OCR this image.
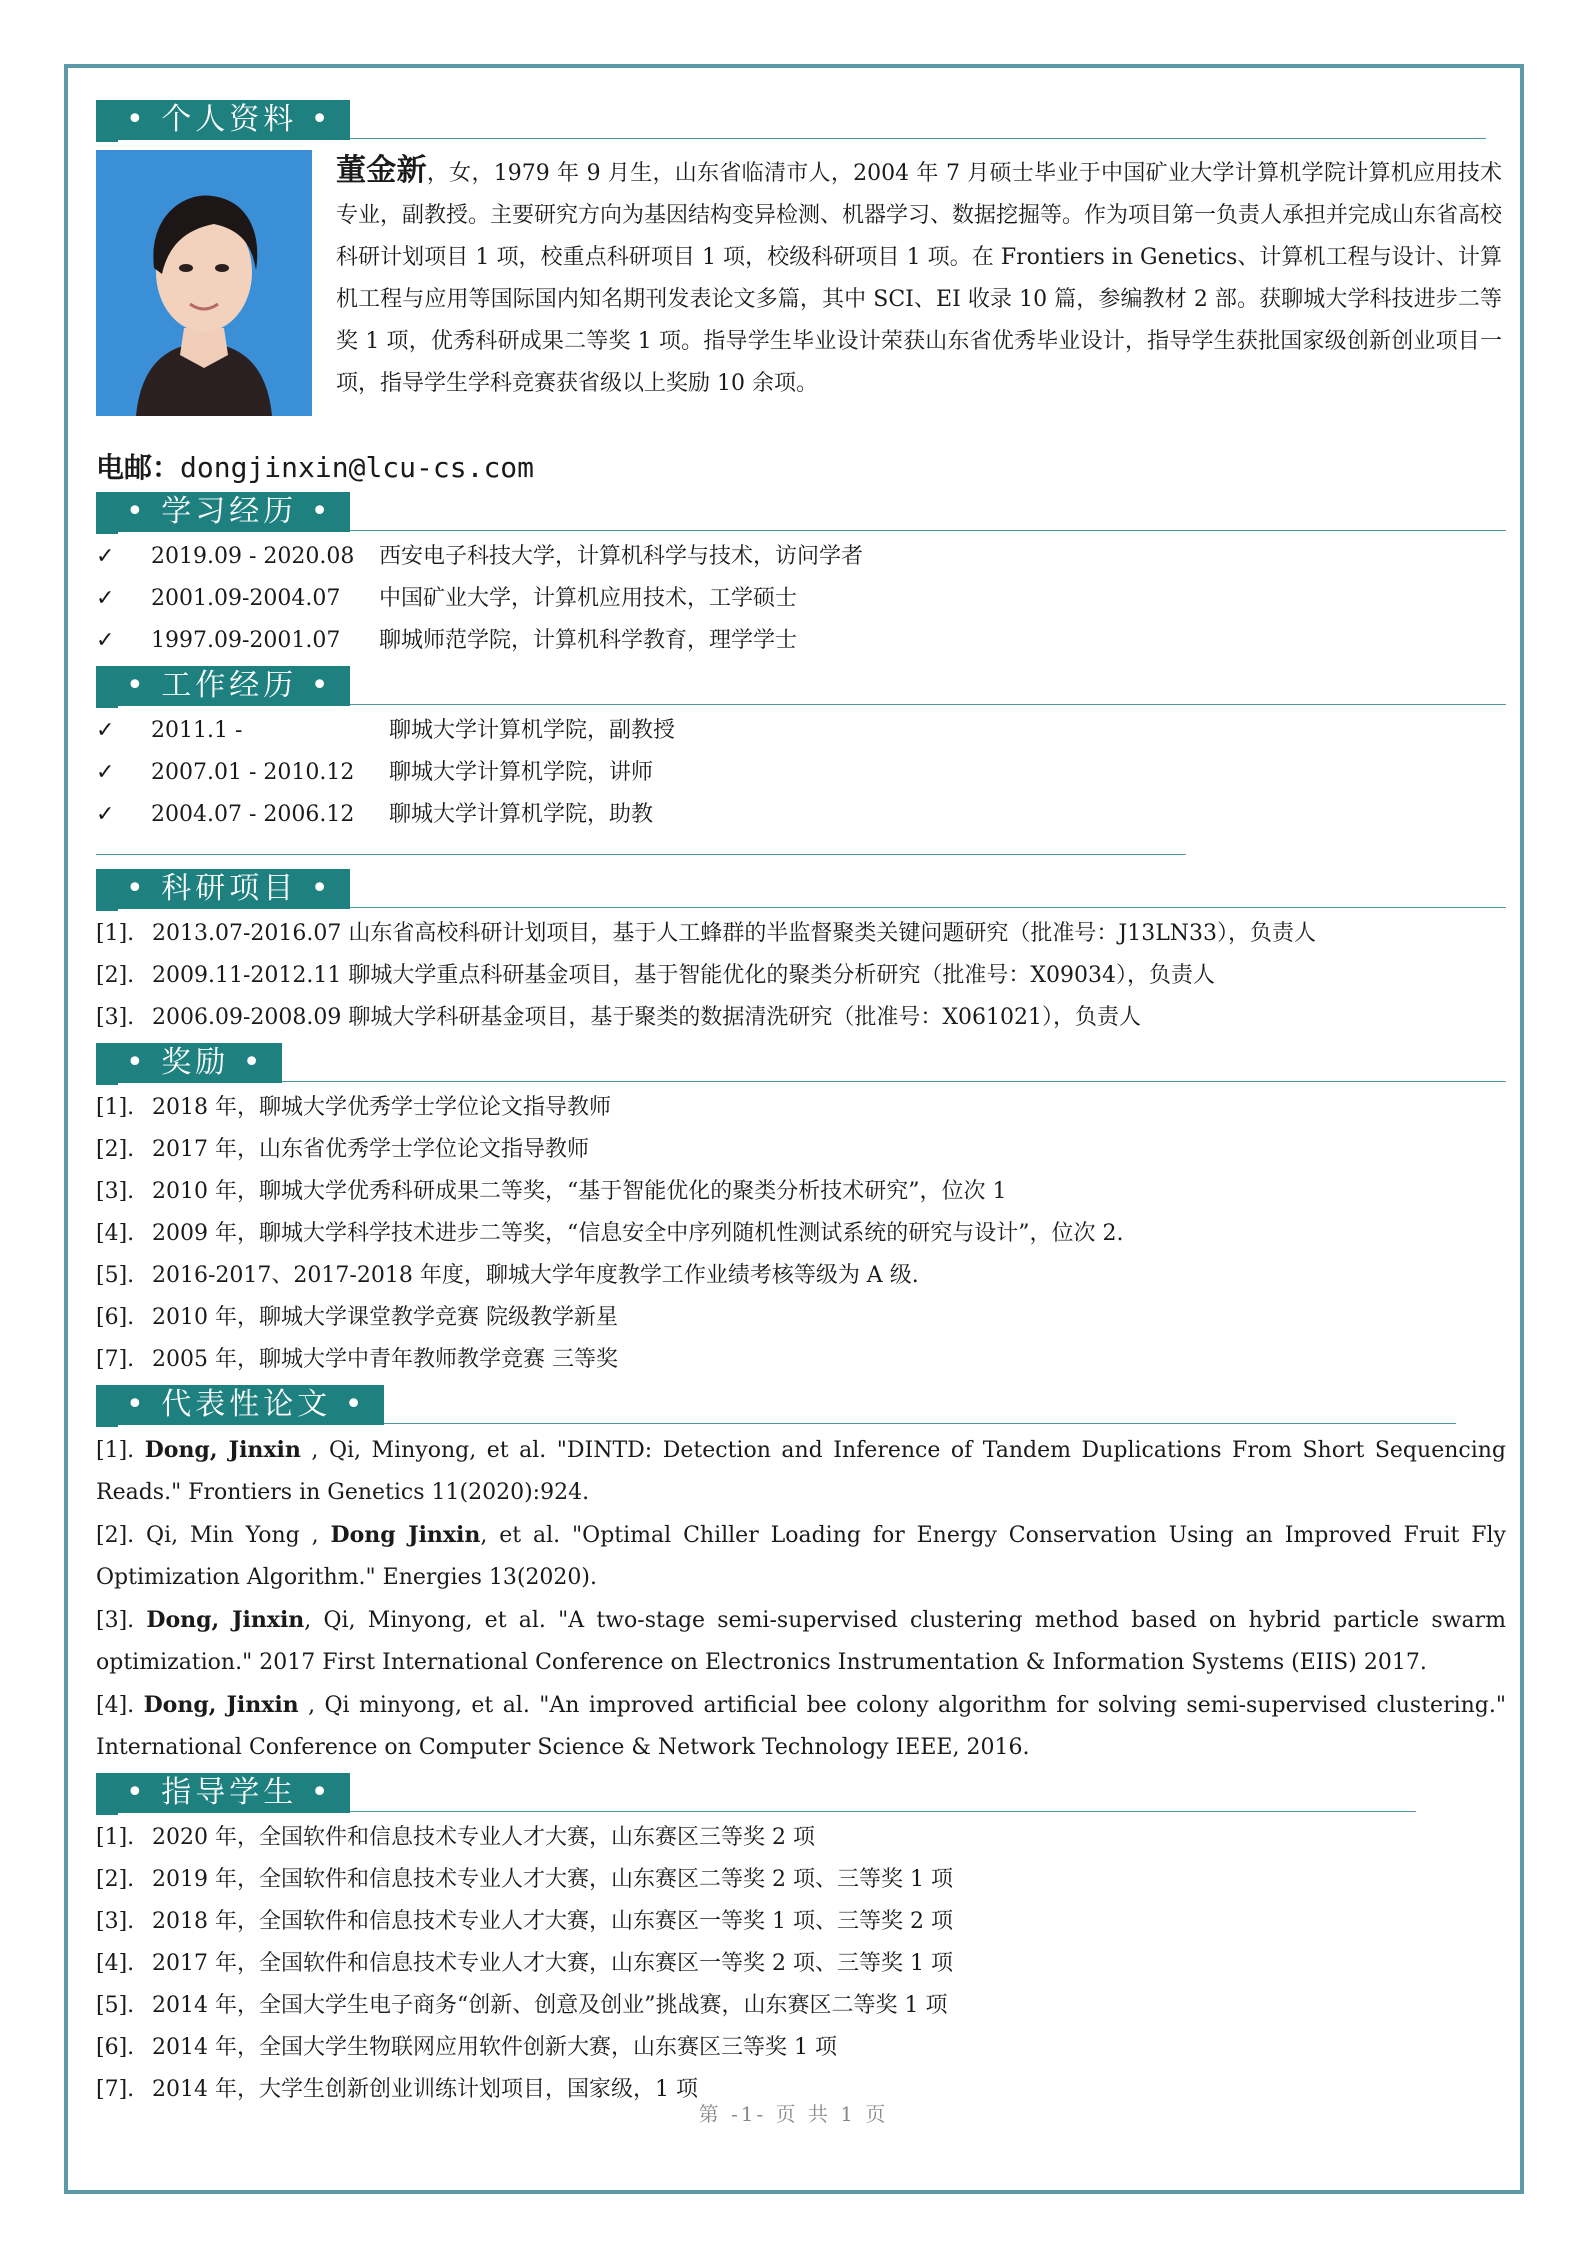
• 个人资料 •
董金新，女，1979 年 9 月生，山东省临清市人，2004 年 7 月硕士毕业于中国矿业大学计算机学院计算机应用技术专业，副教授。主要研究方向为基因结构变异检测、机器学习、数据挖掘等。作为项目第一负责人承担并完成山东省高校科研计划项目 1 项，校重点科研项目 1 项，校级科研项目 1 项。在 Frontiers in Genetics、计算机工程与设计、计算机工程与应用等国际国内知名期刊发表论文多篇，其中 SCI、EI 收录 10 篇，参编教材 2 部。获聊城大学科技进步二等奖 1 项，优秀科研成果二等奖 1 项。指导学生毕业设计荣获山东省优秀毕业设计，指导学生获批国家级创新创业项目一项，指导学生学科竞赛获省级以上奖励 10 余项。
电邮：dongjinxin@lcu-cs.com
• 学习经历 •
✓ 2019.09 - 2020.08 西安电子科技大学，计算机科学与技术，访问学者
✓ 2001.09-2004.07 中国矿业大学，计算机应用技术，工学硕士
✓ 1997.09-2001.07 聊城师范学院，计算机科学教育，理学学士
• 工作经历 •
✓ 2011.1 -	聊城大学计算机学院，副教授
✓ 2007.01 - 2010.12 聊城大学计算机学院，讲师
✓ 2004.07 - 2006.12 聊城大学计算机学院，助教
• 科研项目 •
[1]. 2013.07-2016.07 山东省高校科研计划项目，基于人工蜂群的半监督聚类关键问题研究（批准号：J13LN33），负责人
[2]. 2009.11-2012.11 聊城大学重点科研基金项目，基于智能优化的聚类分析研究（批准号：X09034），负责人
[3]. 2006.09-2008.09 聊城大学科研基金项目，基于聚类的数据清洗研究（批准号：X061021），负责人
• 奖励 •
[1]. 2018 年，聊城大学优秀学士学位论文指导教师
[2]. 2017 年，山东省优秀学士学位论文指导教师
[3]. 2010 年，聊城大学优秀科研成果二等奖，“基于智能优化的聚类分析技术研究”，位次 1
[4]. 2009 年，聊城大学科学技术进步二等奖，“信息安全中序列随机性测试系统的研究与设计”，位次 2.
[5]. 2016-2017、2017-2018 年度，聊城大学年度教学工作业绩考核等级为 A 级.
[6]. 2010 年，聊城大学课堂教学竞赛 院级教学新星
[7]. 2005 年，聊城大学中青年教师教学竞赛 三等奖
• 代表性论文 •
[1]. Dong, Jinxin , Qi, Minyong, et al. "DINTD: Detection and Inference of Tandem Duplications From Short Sequencing Reads." Frontiers in Genetics 11(2020):924.
[2]. Qi, Min Yong , Dong Jinxin, et al. "Optimal Chiller Loading for Energy Conservation Using an Improved Fruit Fly Optimization Algorithm." Energies 13(2020).
[3]. Dong, Jinxin, Qi, Minyong, et al. "A two-stage semi-supervised clustering method based on hybrid particle swarm optimization." 2017 First International Conference on Electronics Instrumentation & Information Systems (EIIS) 2017.
[4]. Dong, Jinxin , Qi minyong, et al. "An improved artificial bee colony algorithm for solving semi-supervised clustering." International Conference on Computer Science & Network Technology IEEE, 2016.
• 指导学生 •
[1]. 2020 年，全国软件和信息技术专业人才大赛，山东赛区三等奖 2 项
[2]. 2019 年，全国软件和信息技术专业人才大赛，山东赛区二等奖 2 项、三等奖 1 项
[3]. 2018 年，全国软件和信息技术专业人才大赛，山东赛区一等奖 1 项、三等奖 2 项
[4]. 2017 年，全国软件和信息技术专业人才大赛，山东赛区一等奖 2 项、三等奖 1 项
[5]. 2014 年，全国大学生电子商务“创新、创意及创业”挑战赛，山东赛区二等奖 1 项
[6]. 2014 年，全国大学生物联网应用软件创新大赛，山东赛区三等奖 1 项
[7]. 2014 年，大学生创新创业训练计划项目，国家级，1 项
第 -1- 页 共 1 页
